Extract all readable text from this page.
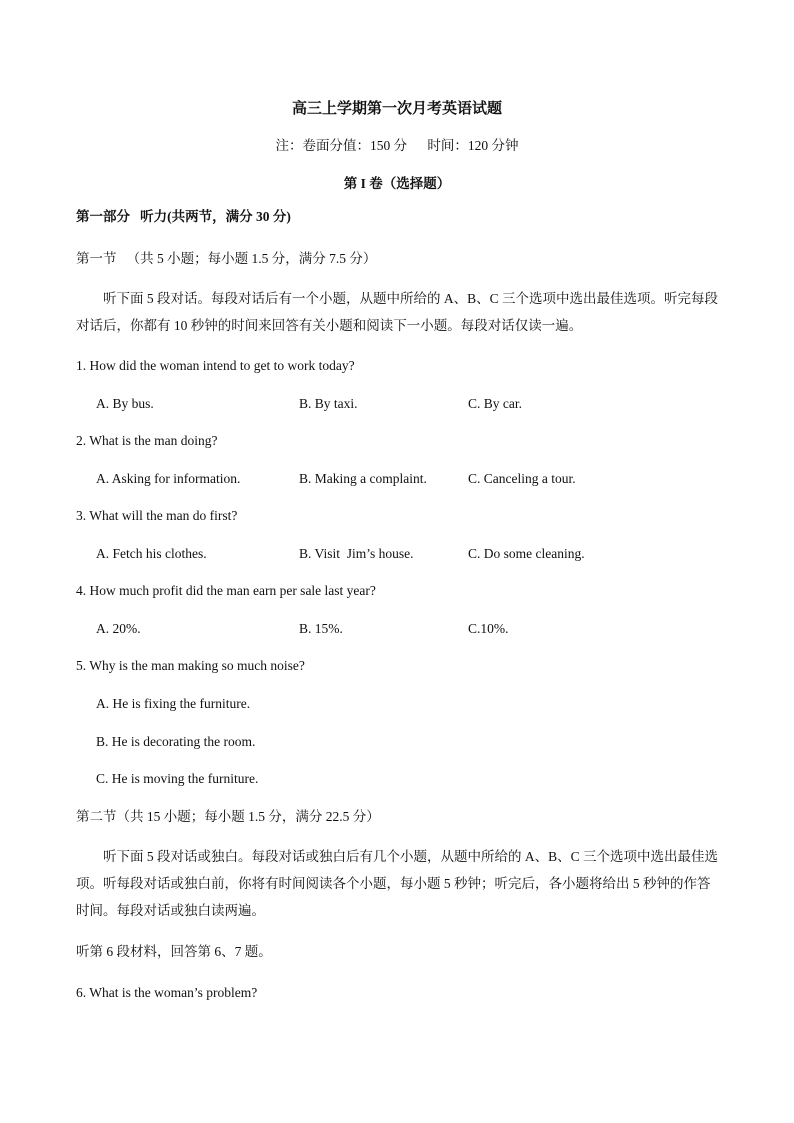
高三上学期第一次月考英语试题
注：卷面分值：150 分      时间：120 分钟
第 I 卷（选择题）
第一部分   听力(共两节，满分 30 分)
第一节   （共 5 小题；每小题 1.5 分，满分 7.5 分）
听下面 5 段对话。每段对话后有一个小题，从题中所给的 A、B、C 三个选项中选出最佳选项。听完每段对话后，你都有 10 秒钟的时间来回答有关小题和阅读下一小题。每段对话仅读一遍。
1. How did the woman intend to get to work today?
A. By bus.	B. By taxi.	C. By car.
2. What is the man doing?
A. Asking for information.	B. Making a complaint.	C. Canceling a tour.
3. What will the man do first?
A. Fetch his clothes.	B. Visit  Jim’s house.	C. Do some cleaning.
4. How much profit did the man earn per sale last year?
A. 20%.	B. 15%.	C.10%.
5. Why is the man making so much noise?
A. He is fixing the furniture.
B. He is decorating the room.
C. He is moving the furniture.
第二节（共 15 小题；每小题 1.5 分，满分 22.5 分）
听下面 5 段对话或独白。每段对话或独白后有几个小题，从题中所给的 A、B、C 三个选项中选出最佳选项。听每段对话或独白前，你将有时间阅读各个小题，每小题 5 秒钟；听完后，各小题将给出 5 秒钟的作答时间。每段对话或独白读两遍。
听第 6 段材料，回答第 6、7 题。
6. What is the woman’s problem?
